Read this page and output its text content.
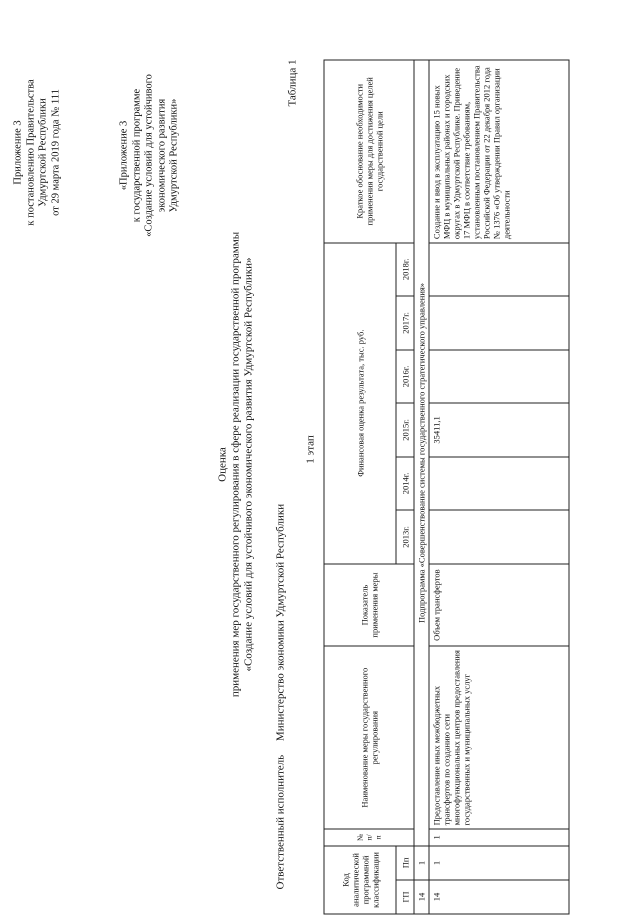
Приложение 3 к постановлению Правительства Удмуртской Республики от 29 марта 2019 года № 111	«Приложение 3 к государственной программе «Создание условий для устойчивого экономического развития Удмуртской Республики»
Таблица 1
Оценка применения мер государственного регулирования в сфере реализации государственной программы «Создание условий для устойчивого экономического развития Удмуртской Республики»
Ответственный исполнитель     Министерство экономики Удмуртской Республики
1 этап
Код аналитической программной классификации		№ п/п	Наименование меры государственного регулирования	Показатель применения меры	Финансовая оценка результата, тыс. руб.						Краткое обоснование необходимости применения меры для достижения целей государственной цели
ГП	Пп				2013г.	2014г.	2015г.	2016г.	2017г.	2018г.	
14	1	Подпрограмма «Совершенствование системы государственного стратегического управления»									
14	1	1	Предоставление иных межбюджетных трансфертов по созданию сети многофункциональных центров предоставления государственных и муниципальных услуг	Объем трансфертов			35411,1				Создание и ввод в эксплуатацию 15 новых МФЦ в муниципальных районах и городских округах в Удмуртской Республике. Приведение 17 МФЦ в соответствие требованиям, установленным постановлением Правительства Российской Федерации от 22 декабря 2012 года № 1376 «Об утверждении Правил организации деятельности
